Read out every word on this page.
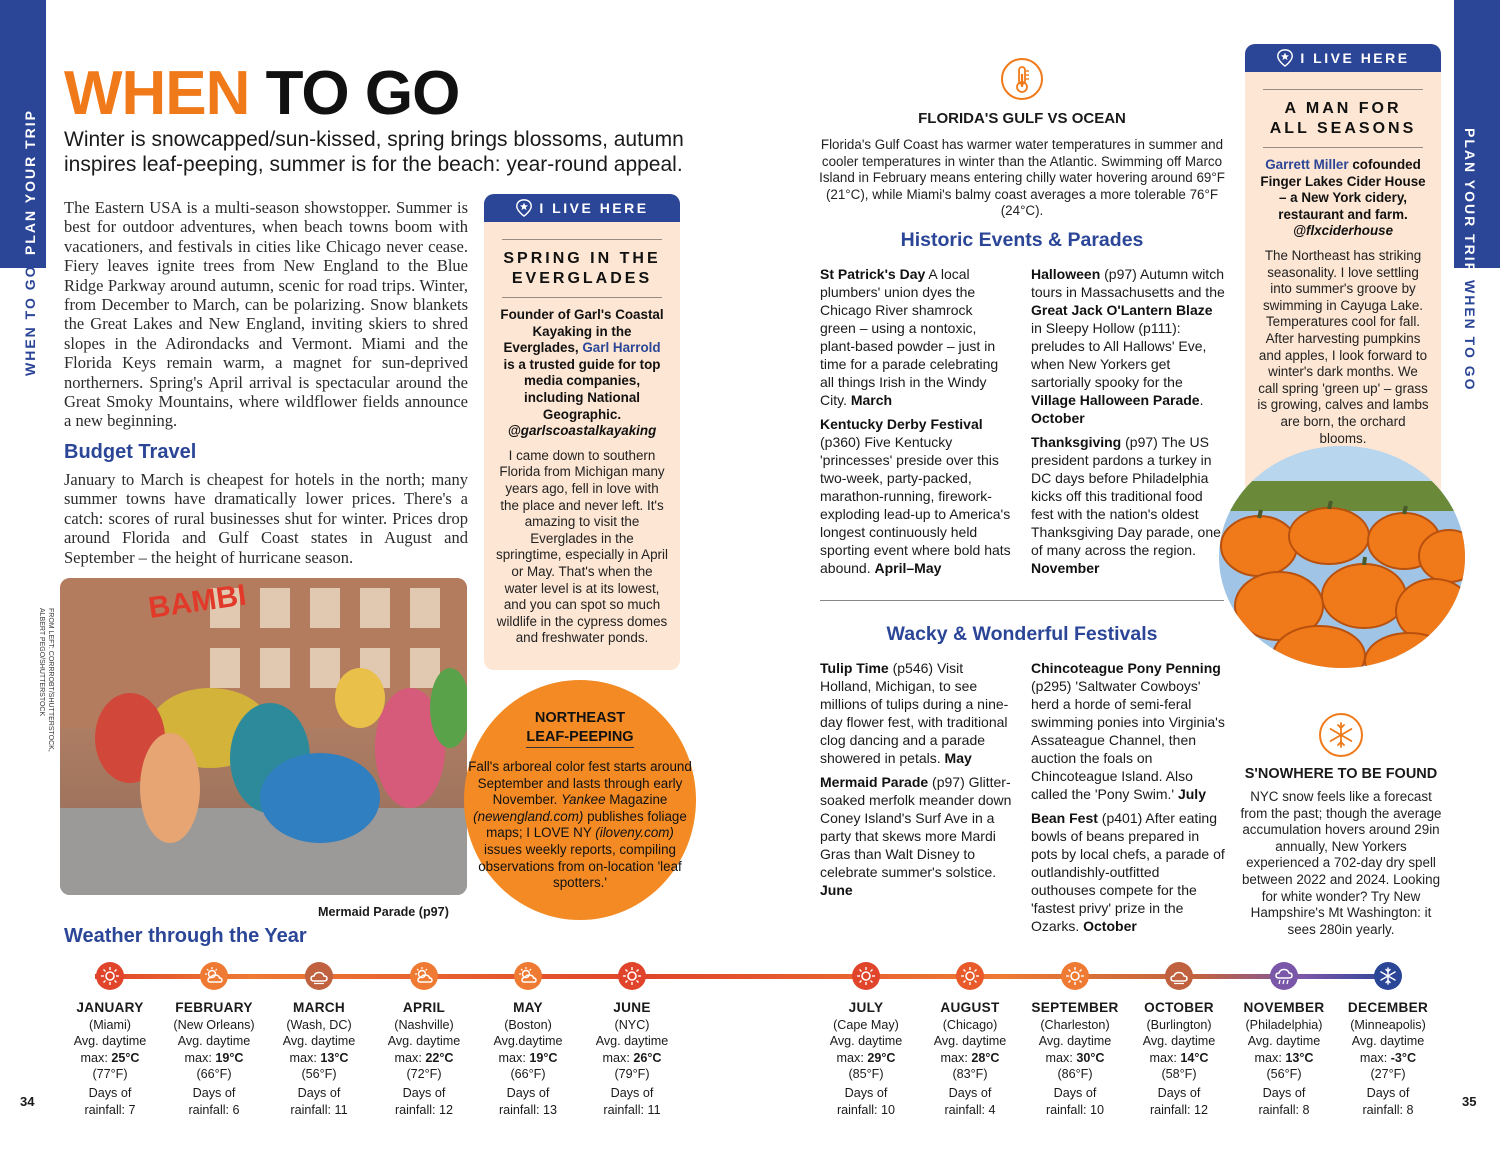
PLAN YOUR TRIP
WHEN TO GO
PLAN YOUR TRIP
WHEN TO GO
WHEN TO GO
Winter is snowcapped/sun-kissed, spring brings blossoms, autumn inspires leaf-peeping, summer is for the beach: year-round appeal.
The Eastern USA is a multi-season showstopper. Summer is best for outdoor adventures, when beach towns boom with vacationers, and festivals in cities like Chicago never cease. Fiery leaves ignite trees from New England to the Blue Ridge Parkway around autumn, scenic for road trips. Winter, from December to March, can be polarizing. Snow blankets the Great Lakes and New England, inviting skiers to shred slopes in the Adirondacks and Vermont. Miami and the Florida Keys remain warm, a magnet for sun-deprived northerners. Spring's April arrival is spectacular around the Great Smoky Mountains, where wildflower fields announce a new beginning.
Budget Travel
January to March is cheapest for hotels in the north; many summer towns have dramatically lower prices. There's a catch: scores of rural businesses shut for winter. Prices drop around Florida and Gulf Coast states in August and September – the height of hurricane season.
BAMBI
FROM LEFT: CORRROBT/SHUTTERSTOCK, ALBERT PEGO/SHUTTERSTOCK
Mermaid Parade (p97)
I LIVE HERE
SPRING IN THE
EVERGLADES
Founder of Garl's Coastal Kayaking in the Everglades, Garl Harrold is a trusted guide for top media companies, including National Geographic.
@garlscoastalkayaking
I came down to southern Florida from Michigan many years ago, fell in love with the place and never left. It's amazing to visit the Everglades in the springtime, especially in April or May. That's when the water level is at its lowest, and you can spot so much wildlife in the cypress domes and freshwater ponds.
NORTHEAST
LEAF-PEEPING
Fall's arboreal color fest starts around September and lasts through early November. Yankee Magazine (newengland.com) publishes foliage maps; I LOVE NY (iloveny.com) issues weekly reports, compiling observations from on-location 'leaf spotters.'
FLORIDA'S GULF VS OCEAN
Florida's Gulf Coast has warmer water temperatures in summer and cooler temperatures in winter than the Atlantic. Swimming off Marco Island in February means entering chilly water hovering around 69°F (21°C), while Miami's balmy coast averages a more tolerable 76°F (24°C).
Historic Events & Parades
St Patrick's Day A local plumbers' union dyes the Chicago River shamrock green – using a nontoxic, plant-based powder – just in time for a parade celebrating all things Irish in the Windy City. March
Kentucky Derby Festival (p360) Five Kentucky 'princesses' preside over this two-week, party-packed, marathon-running, firework-exploding lead-up to America's longest continuously held sporting event where bold hats abound. April–May
Halloween (p97) Autumn witch tours in Massachusetts and the Great Jack O'Lantern Blaze in Sleepy Hollow (p111): preludes to All Hallows' Eve, when New Yorkers get sartorially spooky for the Village Halloween Parade. October
Thanksgiving (p97) The US president pardons a turkey in DC days before Philadelphia kicks off this traditional food fest with the nation's oldest Thanksgiving Day parade, one of many across the region. November
Wacky & Wonderful Festivals
Tulip Time (p546) Visit Holland, Michigan, to see millions of tulips during a nine-day flower fest, with traditional clog dancing and a parade showered in petals. May
Mermaid Parade (p97) Glitter-soaked merfolk meander down Coney Island's Surf Ave in a party that skews more Mardi Gras than Walt Disney to celebrate summer's solstice. June
Chincoteague Pony Penning (p295) 'Saltwater Cowboys' herd a horde of semi-feral swimming ponies into Virginia's Assateague Channel, then auction the foals on Chincoteague Island. Also called the 'Pony Swim.' July
Bean Fest (p401) After eating bowls of beans prepared in pots by local chefs, a parade of outlandishly-outfitted outhouses compete for the 'fastest privy' prize in the Ozarks. October
I LIVE HERE
A MAN FOR
ALL SEASONS
Garrett Miller cofounded Finger Lakes Cider House – a New York cidery, restaurant and farm.
@flxciderhouse
The Northeast has striking seasonality. I love settling into summer's groove by swimming in Cayuga Lake. Temperatures cool for fall. After harvesting pumpkins and apples, I look forward to winter's dark months. We call spring 'green up' – grass is growing, calves and lambs are born, the orchard blooms.
S'NOWHERE TO BE FOUND
NYC snow feels like a forecast from the past; though the average accumulation hovers around 29in annually, New Yorkers experienced a 702-day dry spell between 2022 and 2024. Looking for white wonder? Try New Hampshire's Mt Washington: it sees 280in yearly.
Weather through the Year
JANUARY
(Miami)
Avg. daytime
max: 25°C
(77°F)
Days of
rainfall: 7
FEBRUARY
(New Orleans)
Avg. daytime
max: 19°C
(66°F)
Days of
rainfall: 6
MARCH
(Wash, DC)
Avg. daytime
max: 13°C
(56°F)
Days of
rainfall: 11
APRIL
(Nashville)
Avg. daytime
max: 22°C
(72°F)
Days of
rainfall: 12
MAY
(Boston)
Avg.daytime
max: 19°C
(66°F)
Days of
rainfall: 13
JUNE
(NYC)
Avg. daytime
max: 26°C
(79°F)
Days of
rainfall: 11
JULY
(Cape May)
Avg. daytime
max: 29°C
(85°F)
Days of
rainfall: 10
AUGUST
(Chicago)
Avg. daytime
max: 28°C
(83°F)
Days of
rainfall: 4
SEPTEMBER
(Charleston)
Avg. daytime
max: 30°C
(86°F)
Days of
rainfall: 10
OCTOBER
(Burlington)
Avg. daytime
max: 14°C
(58°F)
Days of
rainfall: 12
NOVEMBER
(Philadelphia)
Avg. daytime
max: 13°C
(56°F)
Days of
rainfall: 8
DECEMBER
(Minneapolis)
Avg. daytime
max: -3°C
(27°F)
Days of
rainfall: 8
34	35
